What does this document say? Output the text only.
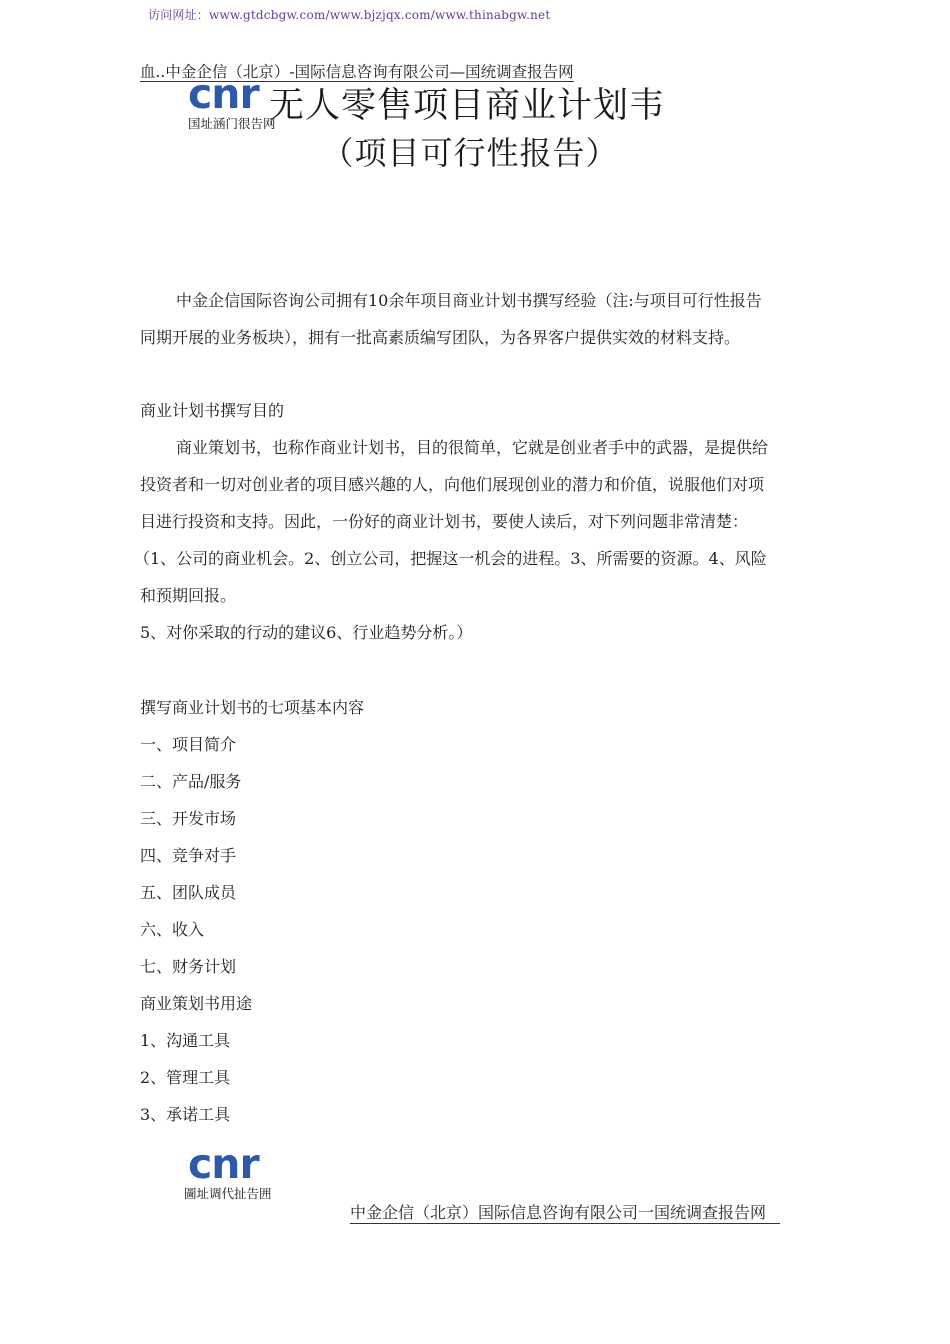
访问网址：www.gtdcbgw.com/www.bjzjqx.com/www.thinabgw.net
血..中金企信（北京）-国际信息咨询有限公司—国统调查报告网
cnr
国址涵门很告网
无人零售项目商业计划韦
（项目可行性报告）
中金企信国际咨询公司拥有10余年项目商业计划书撰写经验（注:与项目可行性报告
同期开展的业务板块），拥有一批高素质编写团队，为各界客户提供实效的材料支持。
商业计划书撰写目的
商业策划书，也称作商业计划书，目的很简单，它就是创业者手中的武器，是提供给
投资者和一切对创业者的项目感兴趣的人，向他们展现创业的潜力和价值，说服他们对项
目进行投资和支持。因此，一份好的商业计划书，要使人读后，对下列问题非常清楚：
（1、公司的商业机会。2、创立公司，把握这一机会的进程。3、所需要的资源。4、风险
和预期回报。
5、对你采取的行动的建议6、行业趋势分析。）
撰写商业计划书的七项基本内容
一、项目简介
二、产品/服务
三、开发市场
四、竞争对手
五、团队成员
六、收入
七、财务计划
商业策划书用途
1、沟通工具
2、管理工具
3、承诺工具
cnr
圖址调代扯告囲
中金企信（北京）国际信息咨询有限公司一国统调查报告网
